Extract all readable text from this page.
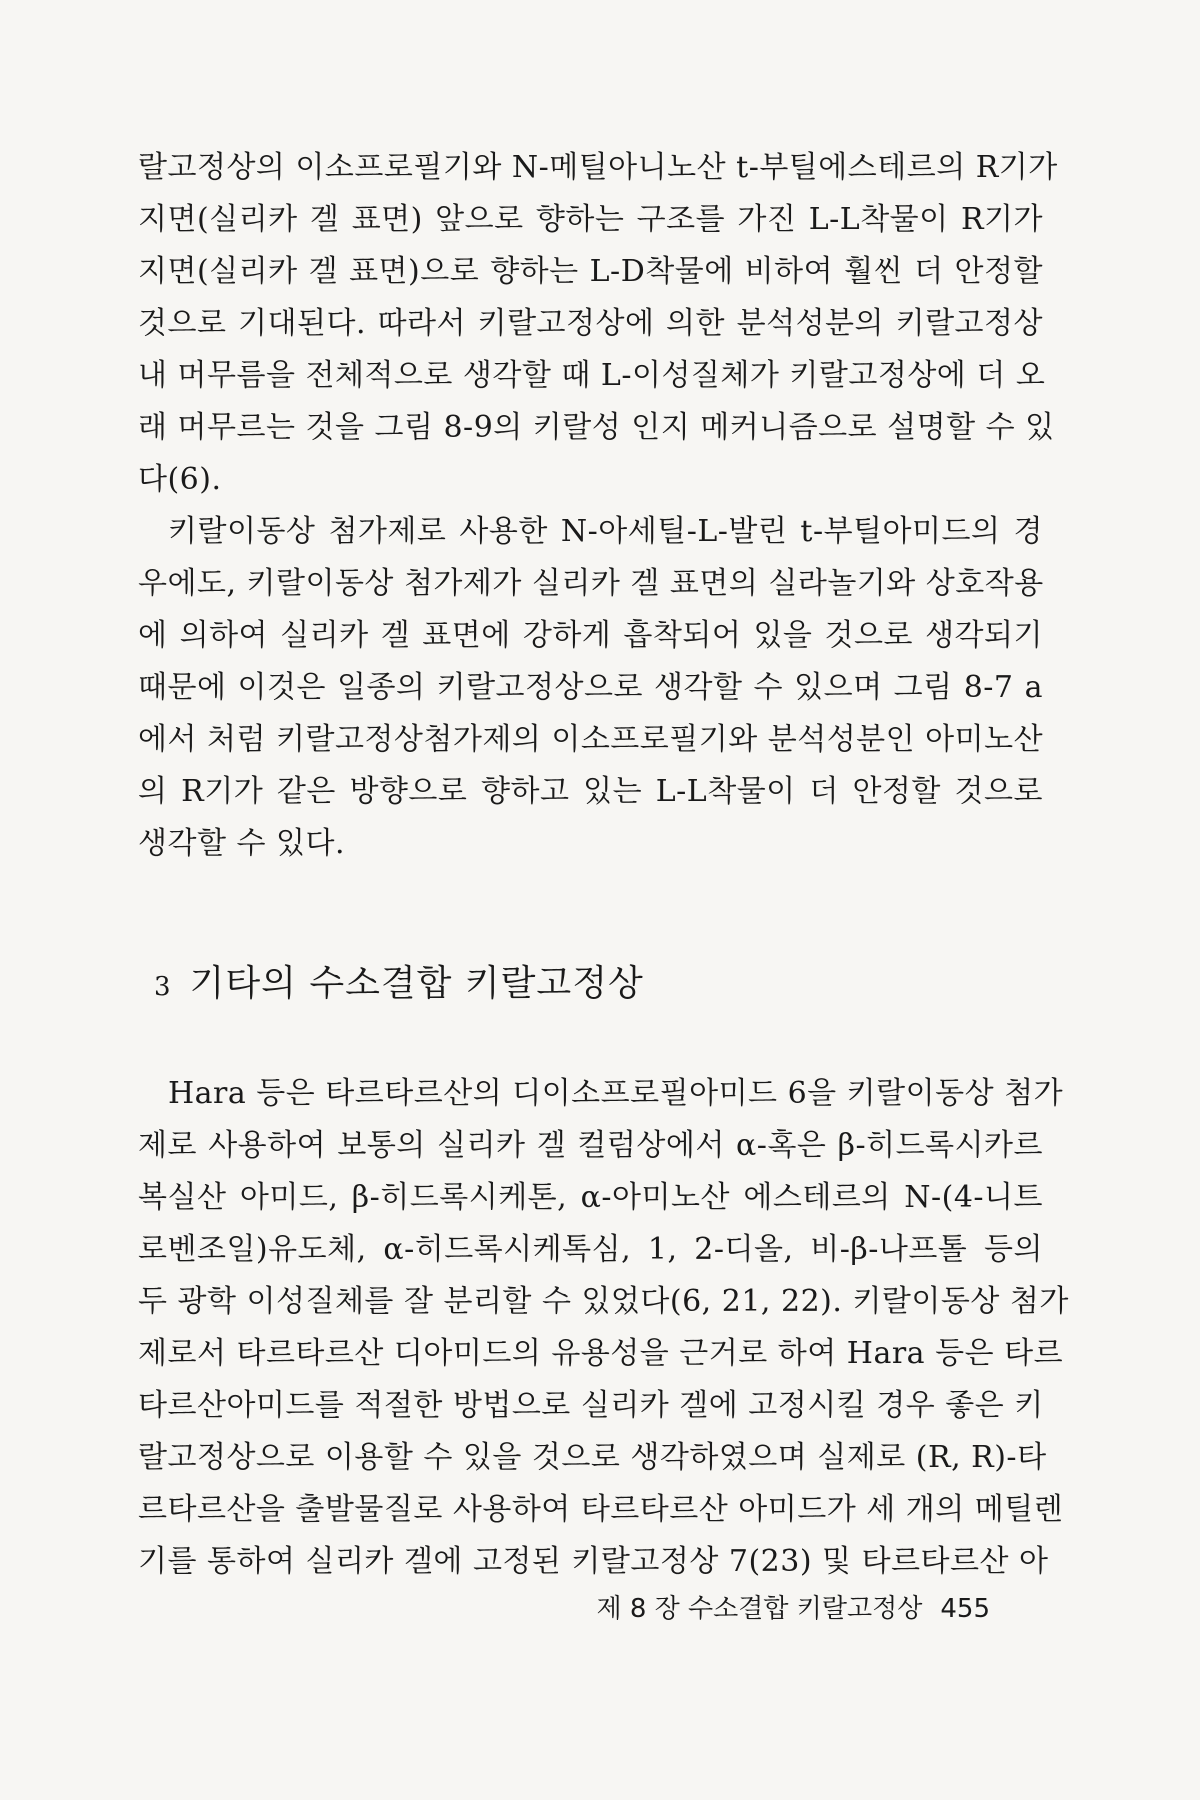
랄고정상의 이소프로필기와 N-메틸아니노산 t-부틸에스테르의 R기가
지면(실리카 겔 표면) 앞으로 향하는 구조를 가진 L-L착물이 R기가
지면(실리카 겔 표면)으로 향하는 L-D착물에 비하여 훨씬 더 안정할
것으로 기대된다. 따라서 키랄고정상에 의한 분석성분의 키랄고정상
내 머무름을 전체적으로 생각할 때 L-이성질체가 키랄고정상에 더 오
래 머무르는 것을 그림 8-9의 키랄성 인지 메커니즘으로 설명할 수 있
다(6).
키랄이동상 첨가제로 사용한 N-아세틸-L-발린 t-부틸아미드의 경
우에도, 키랄이동상 첨가제가 실리카 겔 표면의 실라놀기와 상호작용
에 의하여 실리카 겔 표면에 강하게 흡착되어 있을 것으로 생각되기
때문에 이것은 일종의 키랄고정상으로 생각할 수 있으며 그림 8-7 a
에서 처럼 키랄고정상첨가제의 이소프로필기와 분석성분인 아미노산
의 R기가 같은 방향으로 향하고 있는 L-L착물이 더 안정할 것으로
생각할 수 있다.
3 기타의 수소결합 키랄고정상
Hara 등은 타르타르산의 디이소프로필아미드 6을 키랄이동상 첨가
제로 사용하여 보통의 실리카 겔 컬럼상에서 α-혹은 β-히드록시카르
복실산 아미드, β-히드록시케톤, α-아미노산 에스테르의 N-(4-니트
로벤조일)유도체, α-히드록시케톡심, 1, 2-디올, 비-β-나프톨 등의
두 광학 이성질체를 잘 분리할 수 있었다(6, 21, 22). 키랄이동상 첨가
제로서 타르타르산 디아미드의 유용성을 근거로 하여 Hara 등은 타르
타르산아미드를 적절한 방법으로 실리카 겔에 고정시킬 경우 좋은 키
랄고정상으로 이용할 수 있을 것으로 생각하였으며 실제로 (R, R)-타
르타르산을 출발물질로 사용하여 타르타르산 아미드가 세 개의 메틸렌
기를 통하여 실리카 겔에 고정된 키랄고정상 7(23) 및 타르타르산 아
제 8 장 수소결합 키랄고정상 455
